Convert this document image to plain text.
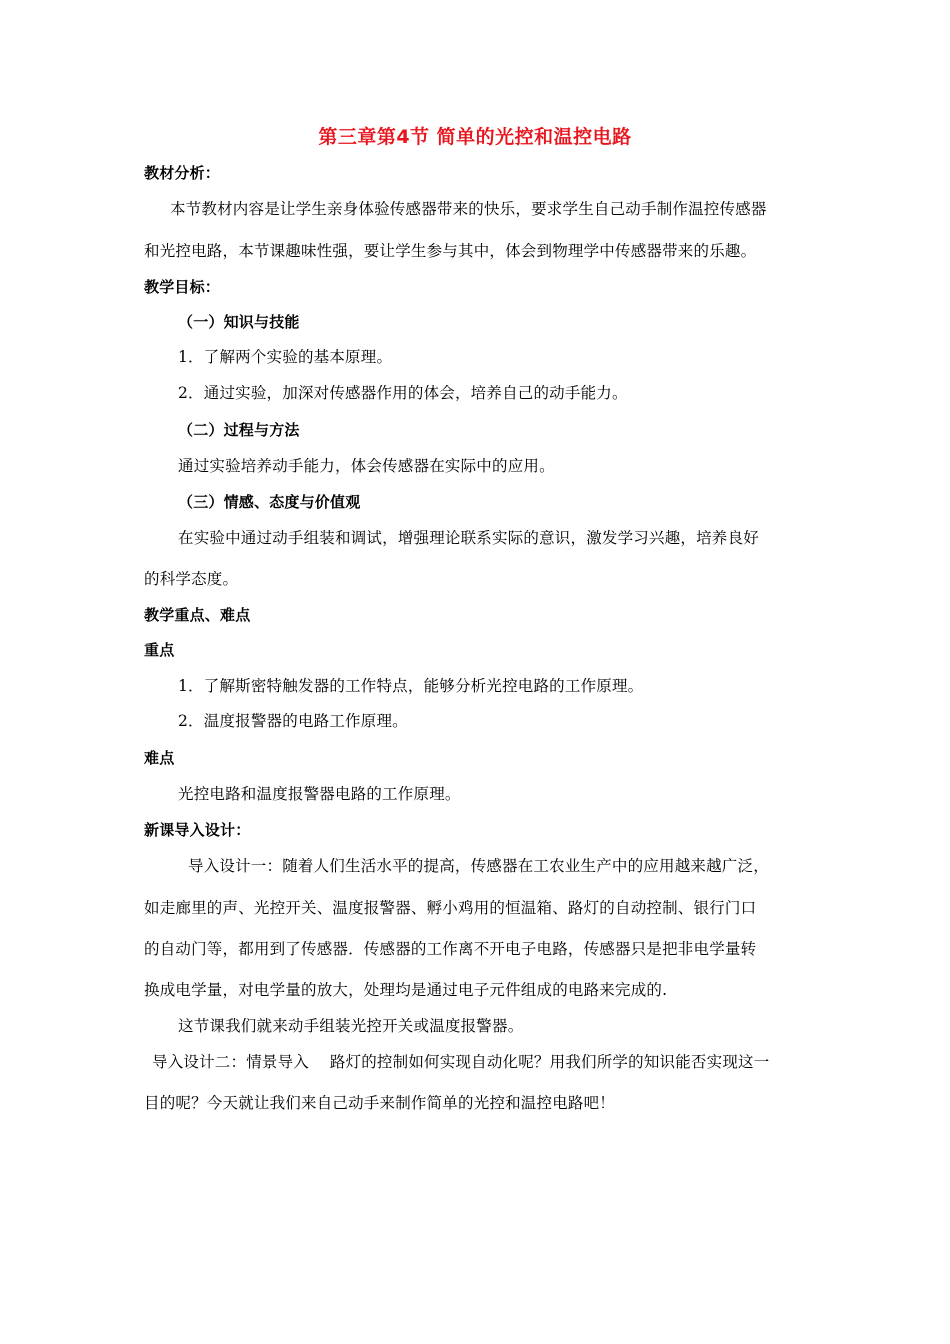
第三章第4节 简单的光控和温控电路
教材分析：
本节教材内容是让学生亲身体验传感器带来的快乐，要求学生自己动手制作温控传感器
和光控电路，本节课趣味性强，要让学生参与其中，体会到物理学中传感器带来的乐趣。
教学目标：
（一）知识与技能
1．了解两个实验的基本原理。
2．通过实验，加深对传感器作用的体会，培养自己的动手能力。
（二）过程与方法
通过实验培养动手能力，体会传感器在实际中的应用。
（三）情感、态度与价值观
在实验中通过动手组装和调试，增强理论联系实际的意识，激发学习兴趣，培养良好
的科学态度。
教学重点、难点
重点
1．了解斯密特触发器的工作特点，能够分析光控电路的工作原理。
2．温度报警器的电路工作原理。
难点
光控电路和温度报警器电路的工作原理。
新课导入设计：
导入设计一：随着人们生活水平的提高，传感器在工农业生产中的应用越来越广泛，
如走廊里的声、光控开关、温度报警器、孵小鸡用的恒温箱、路灯的自动控制、银行门口
的自动门等，都用到了传感器．传感器的工作离不开电子电路，传感器只是把非电学量转
换成电学量，对电学量的放大，处理均是通过电子元件组成的电路来完成的.
这节课我们就来动手组装光控开关或温度报警器。
导入设计二：情景导入　 路灯的控制如何实现自动化呢？用我们所学的知识能否实现这一
目的呢？今天就让我们来自己动手来制作简单的光控和温控电路吧！
